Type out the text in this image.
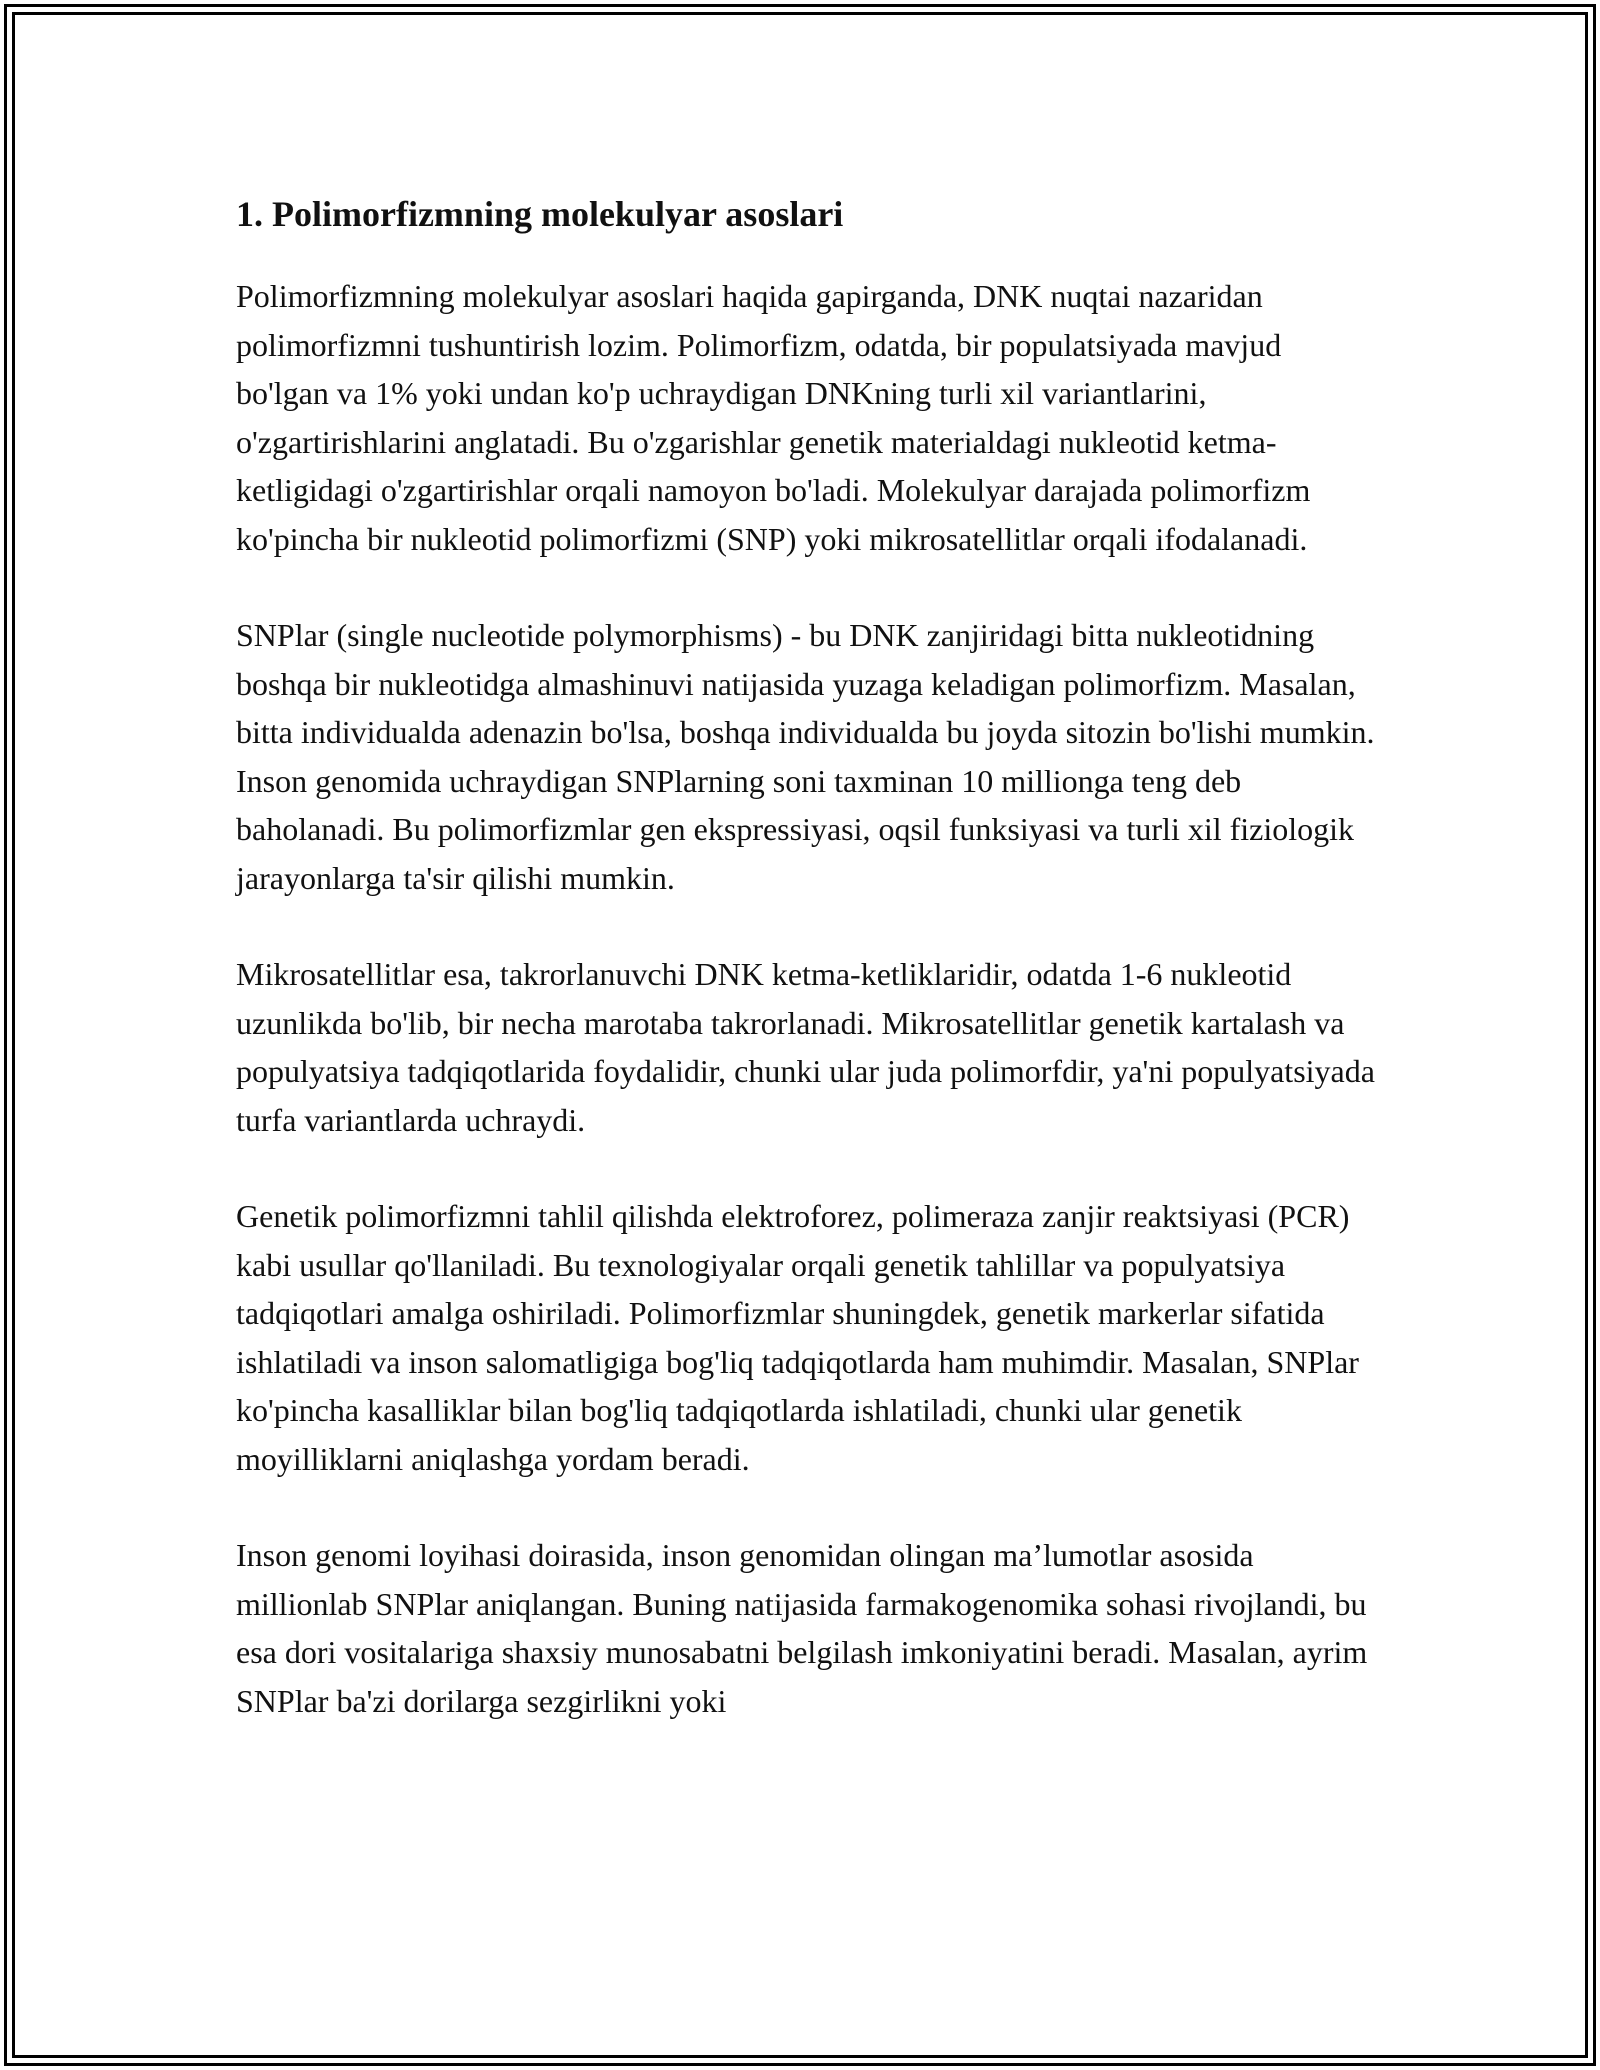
1. Polimorfizmning molekulyar asoslari

Polimorfizmning molekulyar asoslari haqida gapirganda, DNK nuqtai nazaridan polimorfizmni tushuntirish lozim. Polimorfizm, odatda, bir populatsiyada mavjud bo'lgan va 1% yoki undan ko'p uchraydigan DNKning turli xil variantlarini, o'zgartirishlarini anglatadi. Bu o'zgarishlar genetik materialdagi nukleotid ketma-ketligidagi o'zgartirishlar orqali namoyon bo'ladi. Molekulyar darajada polimorfizm ko'pincha bir nukleotid polimorfizmi (SNP) yoki mikrosatellitlar orqali ifodalanadi.

SNPlar (single nucleotide polymorphisms) - bu DNK zanjiridagi bitta nukleotidning boshqa bir nukleotidga almashinuvi natijasida yuzaga keladigan polimorfizm. Masalan, bitta individualda adenazin bo'lsa, boshqa individualda bu joyda sitozin bo'lishi mumkin. Inson genomida uchraydigan SNPlarning soni taxminan 10 millionga teng deb baholanadi. Bu polimorfizmlar gen ekspressiyasi, oqsil funksiyasi va turli xil fiziologik jarayonlarga ta'sir qilishi mumkin.

Mikrosatellitlar esa, takrorlanuvchi DNK ketma-ketliklaridir, odatda 1-6 nukleotid uzunlikda bo'lib, bir necha marotaba takrorlanadi. Mikrosatellitlar genetik kartalash va populyatsiya tadqiqotlarida foydalidir, chunki ular juda polimorfdir, ya'ni populyatsiyada turfa variantlarda uchraydi.

Genetik polimorfizmni tahlil qilishda elektroforez, polimeraza zanjir reaktsiyasi (PCR) kabi usullar qo'llaniladi. Bu texnologiyalar orqali genetik tahlillar va populyatsiya tadqiqotlari amalga oshiriladi. Polimorfizmlar shuningdek, genetik markerlar sifatida ishlatiladi va inson salomatligiga bog'liq tadqiqotlarda ham muhimdir. Masalan, SNPlar ko'pincha kasalliklar bilan bog'liq tadqiqotlarda ishlatiladi, chunki ular genetik moyilliklarni aniqlashga yordam beradi.

Inson genomi loyihasi doirasida, inson genomidan olingan ma’lumotlar asosida millionlab SNPlar aniqlangan. Buning natijasida farmakogenomika sohasi rivojlandi, bu esa dori vositalariga shaxsiy munosabatni belgilash imkoniyatini beradi. Masalan, ayrim SNPlar ba'zi dorilarga sezgirlikni yoki
